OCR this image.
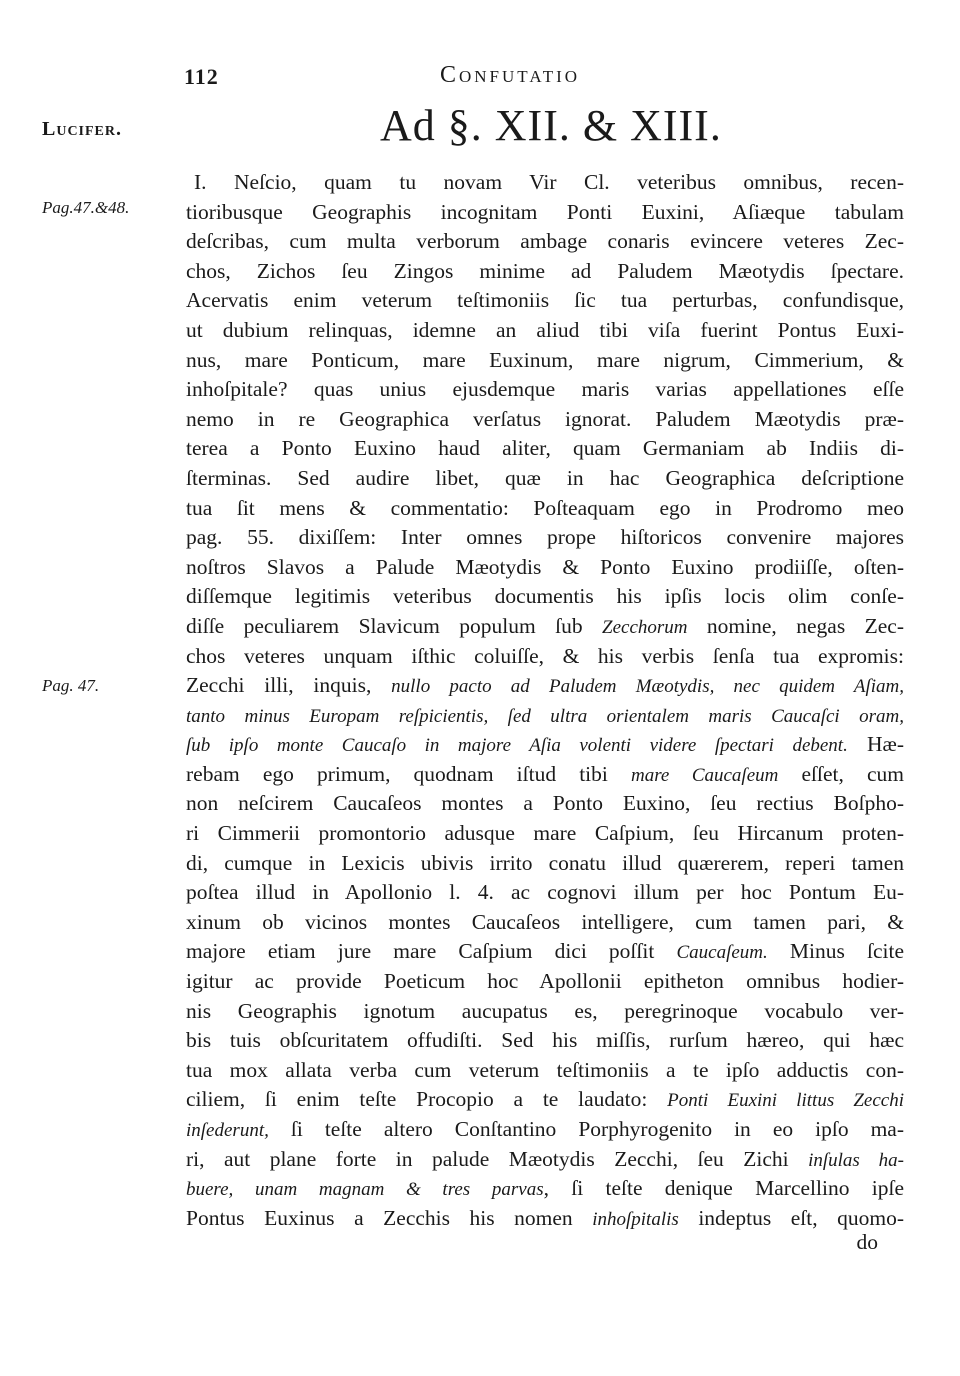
112	Confutatio
Ad §. XII. & XIII.
Lucifer.
Pag.47.&48.
Pag. 47.
I. Neſcio, quam tu novam Vir Cl. veteribus omnibus, recen-
tioribusque Geographis incognitam Ponti Euxini, Aſiæque tabulam
deſcribas, cum multa verborum ambage conaris evincere veteres Zec-
chos, Zichos ſeu Zingos minime ad Paludem Mæotydis ſpectare.
Acervatis enim veterum teſtimoniis ſic tua perturbas, confundisque,
ut dubium relinquas, idemne an aliud tibi viſa fuerint Pontus Euxi-
nus, mare Ponticum, mare Euxinum, mare nigrum, Cimmerium, &
inhoſpitale? quas unius ejusdemque maris varias appellationes eſſe
nemo in re Geographica verſatus ignorat. Paludem Mæotydis præ-
terea a Ponto Euxino haud aliter, quam Germaniam ab Indiis di-
ſterminas. Sed audire libet, quæ in hac Geographica deſcriptione
tua ſit mens & commentatio: Poſteaquam ego in Prodromo meo
pag. 55. dixiſſem: Inter omnes prope hiſtoricos convenire majores
noſtros Slavos a Palude Mæotydis & Ponto Euxino prodiiſſe, oſten-
diſſemque legitimis veteribus documentis his ipſis locis olim conſe-
diſſe peculiarem Slavicum populum ſub Zecchorum nomine, negas Zec-
chos veteres unquam iſthic coluiſſe, & his verbis ſenſa tua expromis:
Zecchi illi, inquis, nullo pacto ad Paludem Mæotydis, nec quidem Aſiam,
tanto minus Europam reſpicientis, ſed ultra orientalem maris Caucaſci oram,
ſub ipſo monte Caucaſo in majore Aſia volenti videre ſpectari debent. Hæ-
rebam ego primum, quodnam iſtud tibi mare Caucaſeum eſſet, cum
non neſcirem Caucaſeos montes a Ponto Euxino, ſeu rectius Boſpho-
ri Cimmerii promontorio adusque mare Caſpium, ſeu Hircanum proten-
di, cumque in Lexicis ubivis irrito conatu illud quærerem, reperi tamen
poſtea illud in Apollonio l. 4. ac cognovi illum per hoc Pontum Eu-
xinum ob vicinos montes Caucaſeos intelligere, cum tamen pari, &
majore etiam jure mare Caſpium dici poſſit Caucaſeum. Minus ſcite
igitur ac provide Poeticum hoc Apollonii epitheton omnibus hodier-
nis Geographis ignotum aucupatus es, peregrinoque vocabulo ver-
bis tuis obſcuritatem offudiſti. Sed his miſſis, rurſum hæreo, qui hæc
tua mox allata verba cum veterum teſtimoniis a te ipſo adductis con-
ciliem, ſi enim teſte Procopio a te laudato: Ponti Euxini littus Zecchi
inſederunt, ſi teſte altero Conſtantino Porphyrogenito in eo ipſo ma-
ri, aut plane forte in palude Mæotydis Zecchi, ſeu Zichi inſulas ha-
buere, unam magnam & tres parvas, ſi teſte denique Marcellino ipſe
Pontus Euxinus a Zecchis his nomen inhoſpitalis indeptus eſt, quomo-
do
